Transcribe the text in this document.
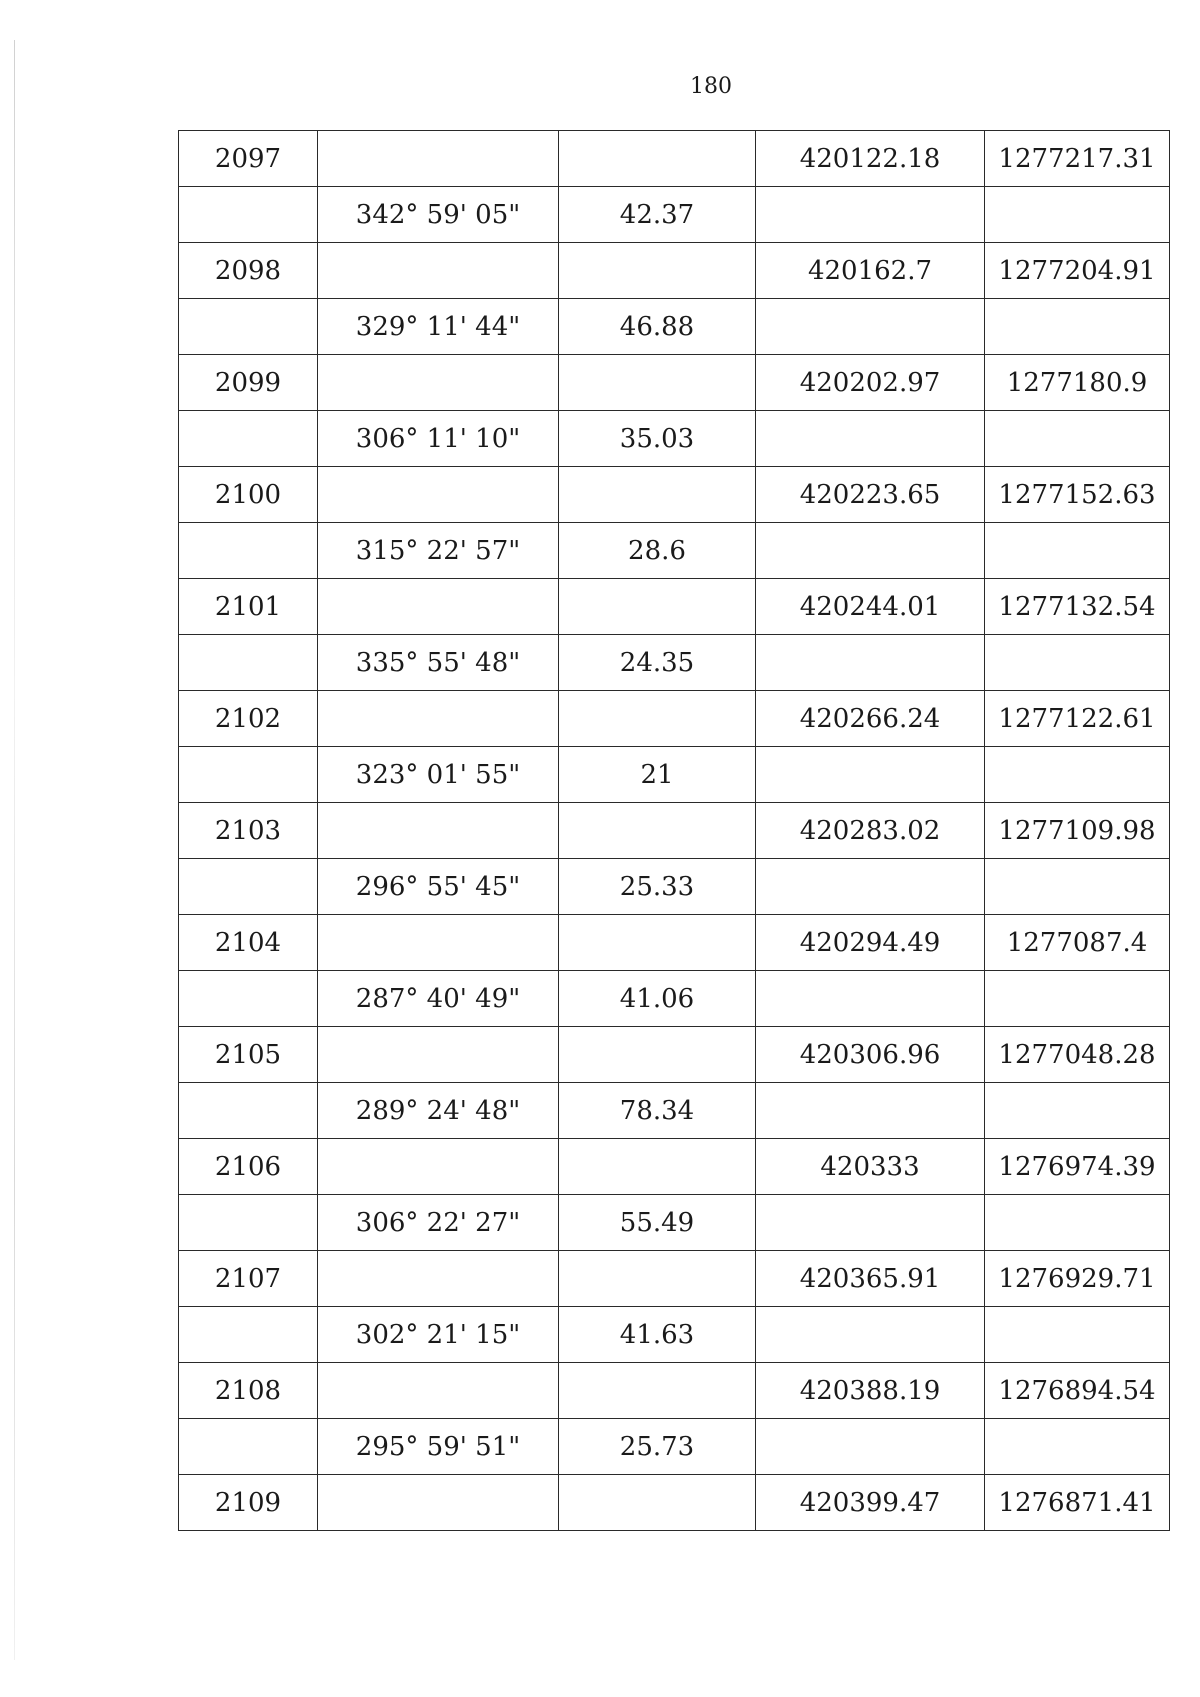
180
2097			420122.18	1277217.31
	342° 59' 05"	42.37		
2098			420162.7	1277204.91
	329° 11' 44"	46.88		
2099			420202.97	1277180.9
	306° 11' 10"	35.03		
2100			420223.65	1277152.63
	315° 22' 57"	28.6		
2101			420244.01	1277132.54
	335° 55' 48"	24.35		
2102			420266.24	1277122.61
	323° 01' 55"	21		
2103			420283.02	1277109.98
	296° 55' 45"	25.33		
2104			420294.49	1277087.4
	287° 40' 49"	41.06		
2105			420306.96	1277048.28
	289° 24' 48"	78.34		
2106			420333	1276974.39
	306° 22' 27"	55.49		
2107			420365.91	1276929.71
	302° 21' 15"	41.63		
2108			420388.19	1276894.54
	295° 59' 51"	25.73		
2109			420399.47	1276871.41
